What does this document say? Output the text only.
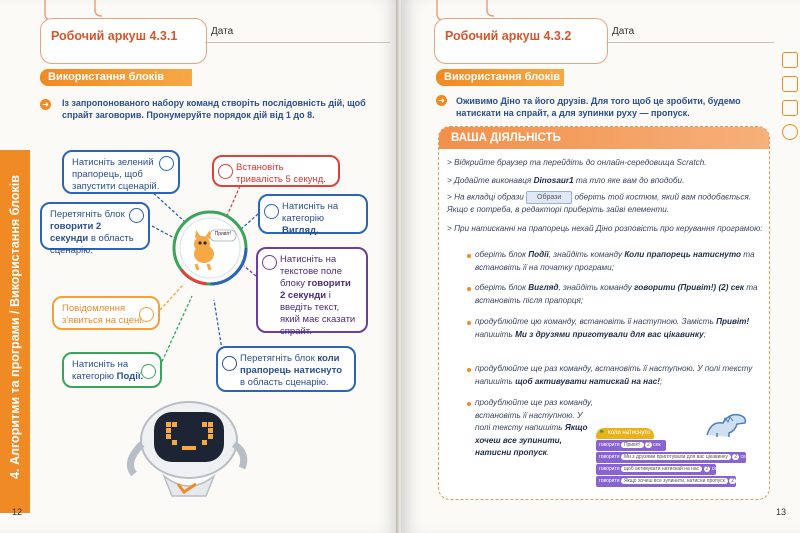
Робочий аркуш 4.3.1	Дата
Використання блоків
➜ Із запропонованого набору команд створіть послідовність дій, щоб спрайт заговорив. Пронумеруйте порядок дій від 1 до 8.
4. Алгоритми та програми / Використання блоків	Привіт!
Натисніть зелений прапорець, щоб запустити сценарій.
Встановіть тривалість 5 секунд.
Перетягніть блок говорити 2 секунди в область сценарію.
Натисніть на категорію Вигляд.
Натисніть на текстове поле блоку говорити 2 секунди і введіть текст, який має сказати спрайт.
Повідомлення з'явиться на сцені.
Натисніть на категорію Події.
Перетягніть блок коли прапорець натиснуто в область сценарію.
12
Робочий аркуш 4.3.2	Дата
Використання блоків
➜ Оживимо Діно та його друзів. Для того щоб це зробити, будемо натискати на спрайт, а для зупинки руху — пропуск.
13
ВАША ДІЯЛЬНІСТЬ
> Відкрийте браузер та перейдіть до онлайн-середовища Scratch.
> Додайте виконавця Dinosaur1 та тло яке вам до вподоби.
> На вкладці образи Образи оберіть той костюм, який вам подобається. Якщо є потреба, в редакторі приберіть зайві елементи.
> При натисканні на прапорець нехай Діно розповість про керування програмою:
оберіть блок Події, знайдіть команду Коли прапорець натиснуто та встановіть її на початку програми;
оберіть блок Вигляд, знайдіть команду говорити (Привіт!) (2) сек та встановіть після прапорця;
продублюйте цю команду, встановіть її наступною. Замість Привіт! напишіть Ми з друзями приготували для вас цікавинку;
продублюйте ще раз команду, встановіть її наступною. У полі тексту напишіть щоб активувати натискай на нас!;
продублюйте ще раз команду, встановіть її наступною. У полі тексту напишіть Якщо хочеш все зупинити, натисни пропуск.
⚑ коли натиснуто
говорити Привіт! 2 сек
говорити Ми з друзями приготували для вас цікавинку 2 сек
говорити щоб активувати натискай на нас 2 сек
говорити Якщо хочеш все зупинити, натисни пропуск 2 сек
